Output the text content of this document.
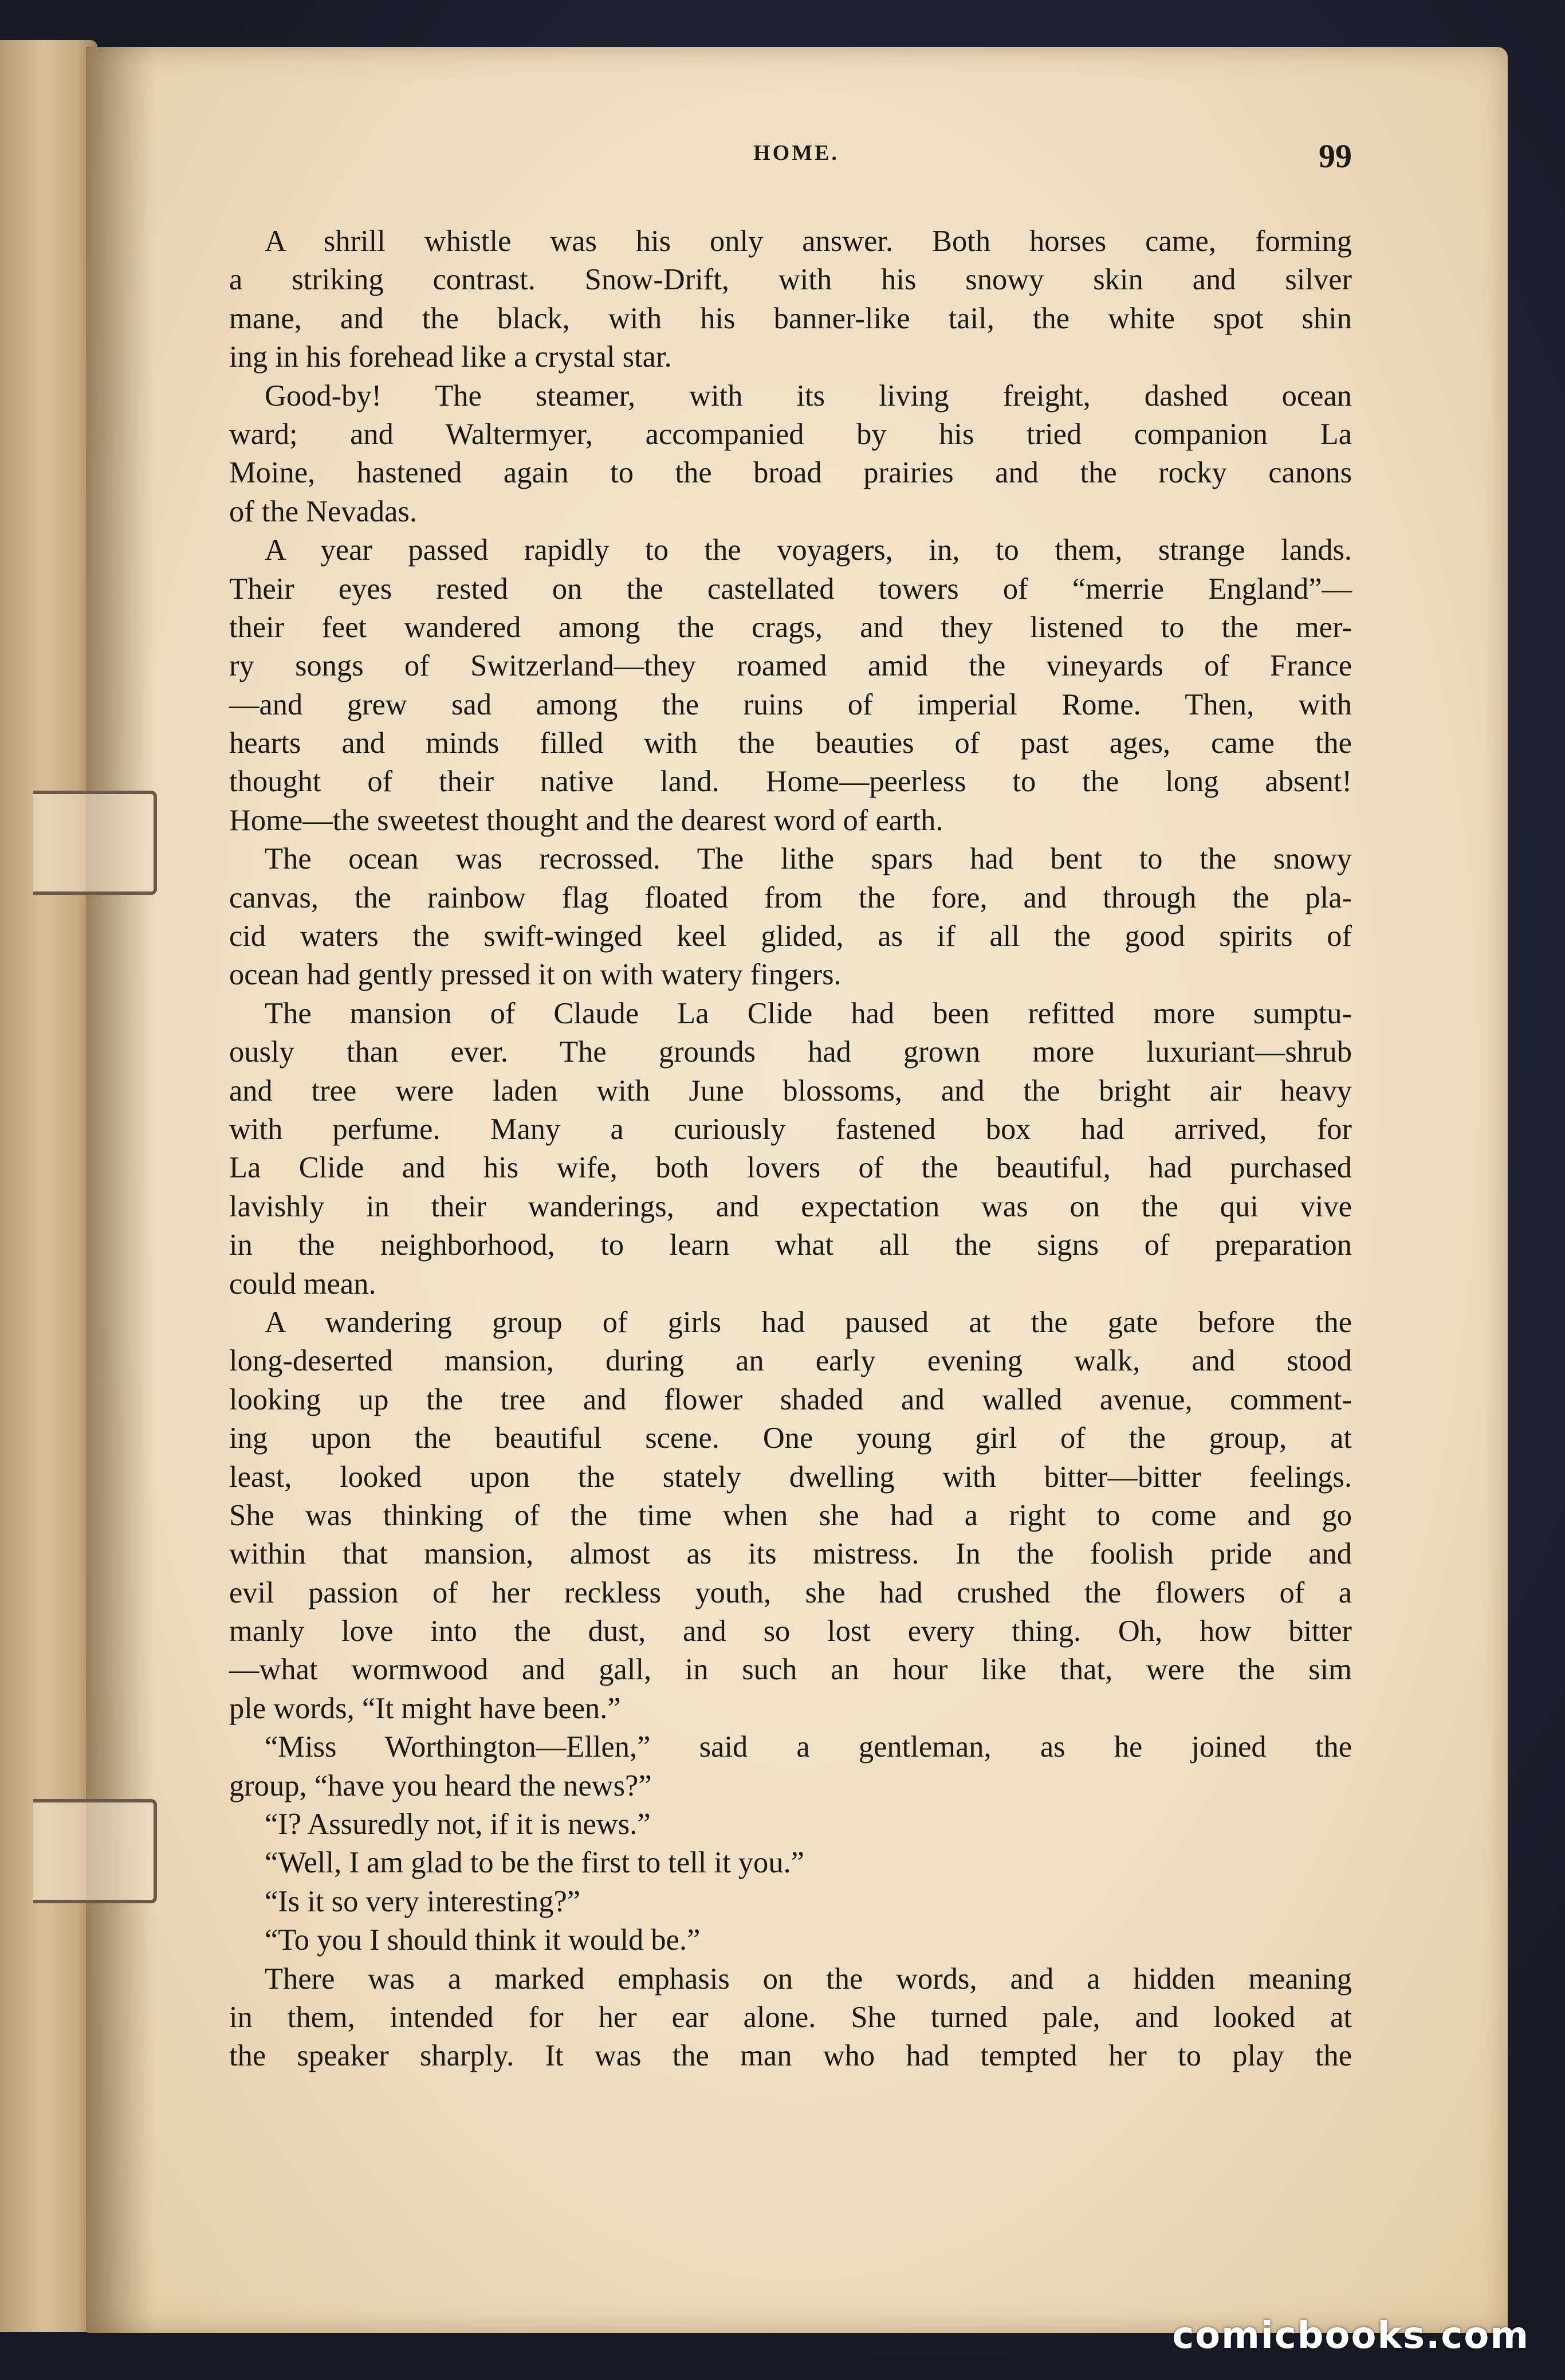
HOME.	99
A shrill whistle was his only answer. Both horses came, forming
a striking contrast. Snow-Drift, with his snowy skin and silver
mane, and the black, with his banner-like tail, the white spot shin
ing in his forehead like a crystal star.
Good-by! The steamer, with its living freight, dashed ocean
ward; and Waltermyer, accompanied by his tried companion La
Moine, hastened again to the broad prairies and the rocky canons
of the Nevadas.
A year passed rapidly to the voyagers, in, to them, strange lands.
Their eyes rested on the castellated towers of “merrie England”—
their feet wandered among the crags, and they listened to the mer-
ry songs of Switzerland—they roamed amid the vineyards of France
—and grew sad among the ruins of imperial Rome. Then, with
hearts and minds filled with the beauties of past ages, came the
thought of their native land. Home—peerless to the long absent!
Home—the sweetest thought and the dearest word of earth.
The ocean was recrossed. The lithe spars had bent to the snowy
canvas, the rainbow flag floated from the fore, and through the pla-
cid waters the swift-winged keel glided, as if all the good spirits of
ocean had gently pressed it on with watery fingers.
The mansion of Claude La Clide had been refitted more sumptu-
ously than ever. The grounds had grown more luxuriant—shrub
and tree were laden with June blossoms, and the bright air heavy
with perfume. Many a curiously fastened box had arrived, for
La Clide and his wife, both lovers of the beautiful, had purchased
lavishly in their wanderings, and expectation was on the qui vive
in the neighborhood, to learn what all the signs of preparation
could mean.
A wandering group of girls had paused at the gate before the
long-deserted mansion, during an early evening walk, and stood
looking up the tree and flower shaded and walled avenue, comment-
ing upon the beautiful scene. One young girl of the group, at
least, looked upon the stately dwelling with bitter—bitter feelings.
She was thinking of the time when she had a right to come and go
within that mansion, almost as its mistress. In the foolish pride and
evil passion of her reckless youth, she had crushed the flowers of a
manly love into the dust, and so lost every thing. Oh, how bitter
—what wormwood and gall, in such an hour like that, were the sim
ple words, “It might have been.”
“Miss Worthington—Ellen,” said a gentleman, as he joined the
group, “have you heard the news?”
“I? Assuredly not, if it is news.”
“Well, I am glad to be the first to tell it you.”
“Is it so very interesting?”
“To you I should think it would be.”
There was a marked emphasis on the words, and a hidden meaning
in them, intended for her ear alone. She turned pale, and looked at
the speaker sharply. It was the man who had tempted her to play the
comicbooks.com
